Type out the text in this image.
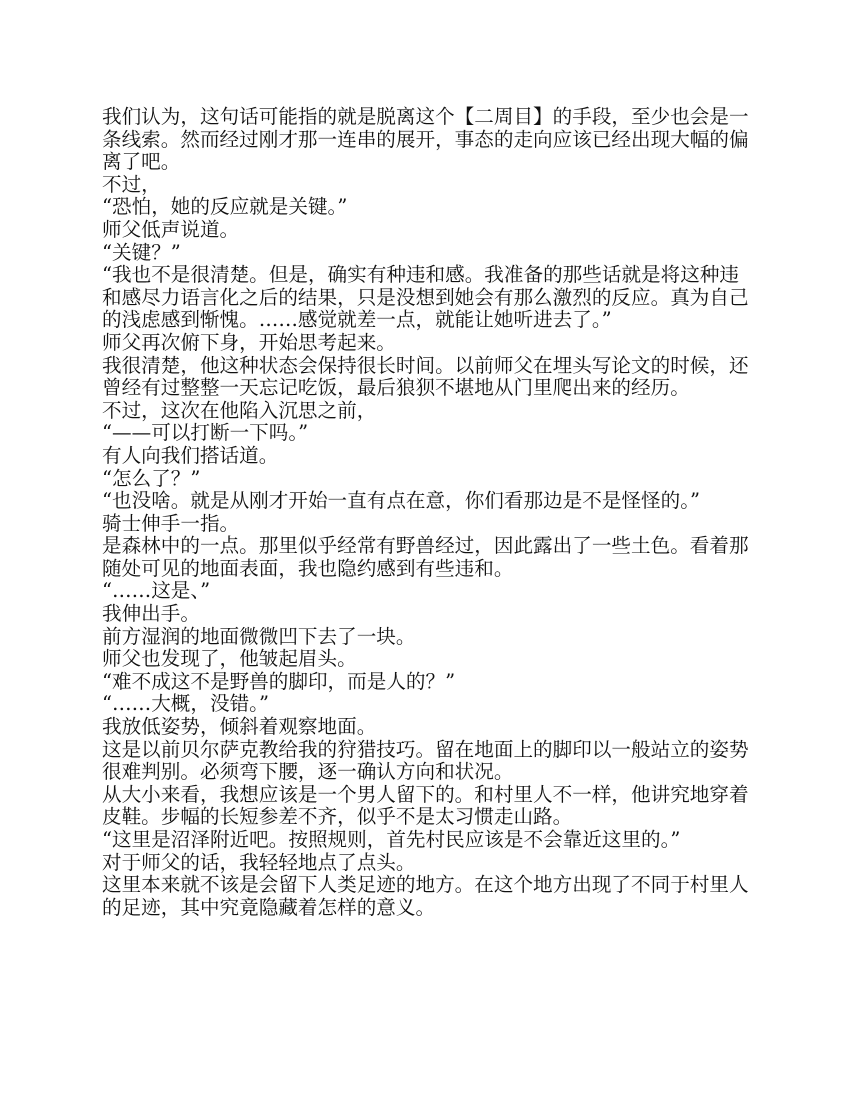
我们认为，这句话可能指的就是脱离这个【二周目】的手段，至少也会是一条线索。然而经过刚才那一连串的展开，事态的走向应该已经出现大幅的偏离了吧。

不过，

“恐怕，她的反应就是关键。”

师父低声说道。

“关键？”

“我也不是很清楚。但是，确实有种违和感。我准备的那些话就是将这种违和感尽力语言化之后的结果，只是没想到她会有那么激烈的反应。真为自己的浅虑感到惭愧。……感觉就差一点，就能让她听进去了。”

师父再次俯下身，开始思考起来。

我很清楚，他这种状态会保持很长时间。以前师父在埋头写论文的时候，还曾经有过整整一天忘记吃饭，最后狼狈不堪地从门里爬出来的经历。

不过，这次在他陷入沉思之前，

“——可以打断一下吗。”

有人向我们搭话道。

“怎么了？”

“也没啥。就是从刚才开始一直有点在意，你们看那边是不是怪怪的。”

骑士伸手一指。

是森林中的一点。那里似乎经常有野兽经过，因此露出了一些土色。看着那随处可见的地面表面，我也隐约感到有些违和。

“……这是、”

我伸出手。

前方湿润的地面微微凹下去了一块。

师父也发现了，他皱起眉头。

“难不成这不是野兽的脚印，而是人的？”

“……大概，没错。”

我放低姿势，倾斜着观察地面。

这是以前贝尔萨克教给我的狩猎技巧。留在地面上的脚印以一般站立的姿势很难判别。必须弯下腰，逐一确认方向和状况。

从大小来看，我想应该是一个男人留下的。和村里人不一样，他讲究地穿着皮鞋。步幅的长短参差不齐，似乎不是太习惯走山路。

“这里是沼泽附近吧。按照规则，首先村民应该是不会靠近这里的。”

对于师父的话，我轻轻地点了点头。

这里本来就不该是会留下人类足迹的地方。在这个地方出现了不同于村里人的足迹，其中究竟隐藏着怎样的意义。
